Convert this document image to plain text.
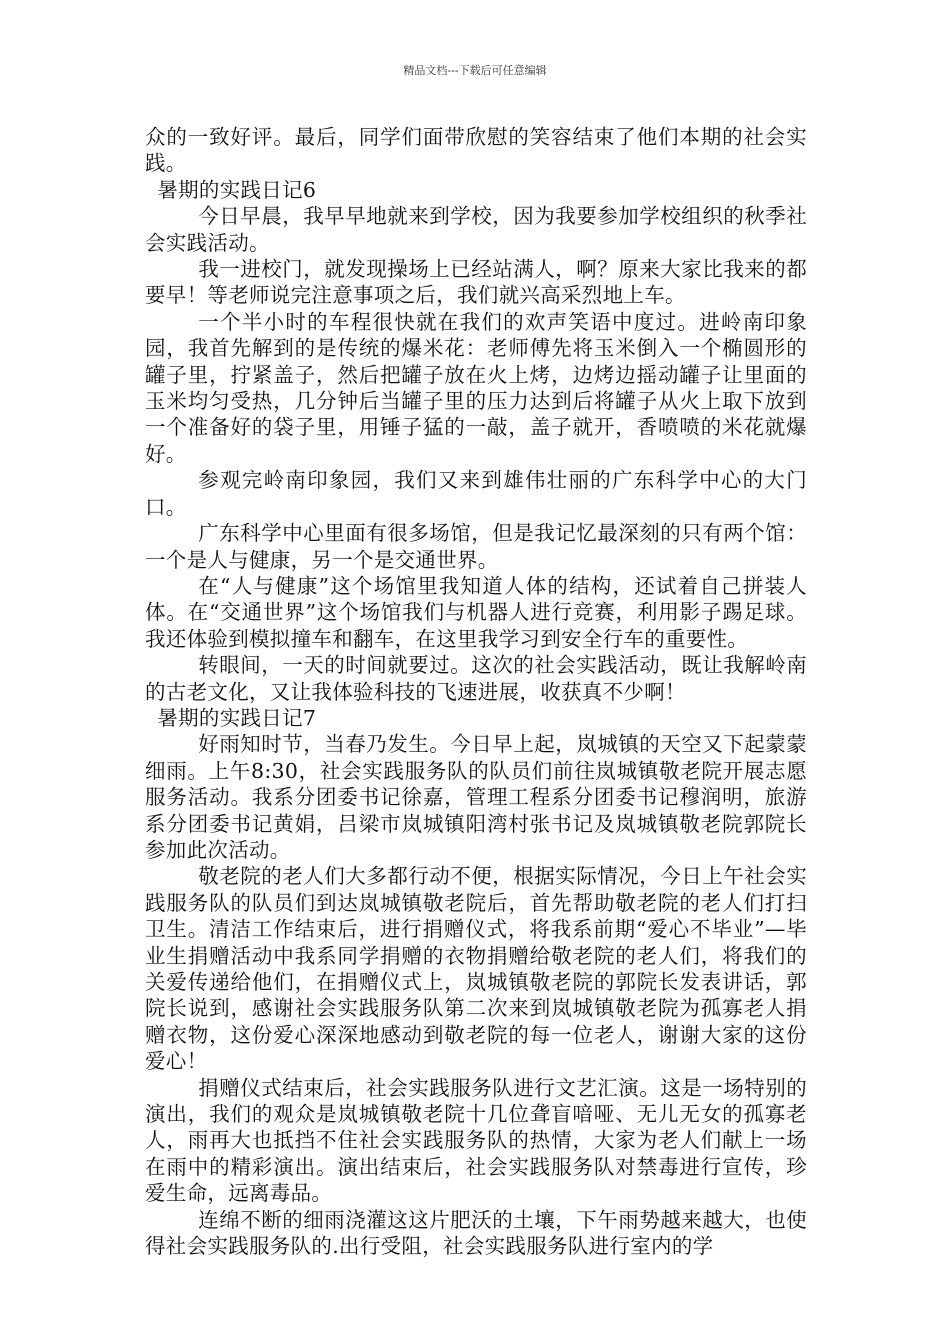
精品文档---下载后可任意编辑

众的一致好评。最后，同学们面带欣慰的笑容结束了他们本期的社会实践。

暑期的实践日记6

今日早晨，我早早地就来到学校，因为我要参加学校组织的秋季社会实践活动。

我一进校门，就发现操场上已经站满人，啊？原来大家比我来的都要早！等老师说完注意事项之后，我们就兴高采烈地上车。

一个半小时的车程很快就在我们的欢声笑语中度过。进岭南印象园，我首先解到的是传统的爆米花：老师傅先将玉米倒入一个椭圆形的罐子里，拧紧盖子，然后把罐子放在火上烤，边烤边摇动罐子让里面的玉米均匀受热，几分钟后当罐子里的压力达到后将罐子从火上取下放到一个准备好的袋子里，用锤子猛的一敲，盖子就开，香喷喷的米花就爆好。

参观完岭南印象园，我们又来到雄伟壮丽的广东科学中心的大门口。

广东科学中心里面有很多场馆，但是我记忆最深刻的只有两个馆：一个是人与健康，另一个是交通世界。

在“人与健康”这个场馆里我知道人体的结构，还试着自己拼装人体。在“交通世界”这个场馆我们与机器人进行竞赛，利用影子踢足球。我还体验到模拟撞车和翻车，在这里我学习到安全行车的重要性。

转眼间，一天的时间就要过。这次的社会实践活动，既让我解岭南的古老文化，又让我体验科技的飞速进展，收获真不少啊！

暑期的实践日记7

好雨知时节，当春乃发生。今日早上起，岚城镇的天空又下起蒙蒙细雨。上午8:30，社会实践服务队的队员们前往岚城镇敬老院开展志愿服务活动。我系分团委书记徐嘉，管理工程系分团委书记穆润明，旅游系分团委书记黄娟，吕梁市岚城镇阳湾村张书记及岚城镇敬老院郭院长参加此次活动。

敬老院的老人们大多都行动不便，根据实际情况，今日上午社会实践服务队的队员们到达岚城镇敬老院后，首先帮助敬老院的老人们打扫卫生。清洁工作结束后，进行捐赠仪式，将我系前期“爱心不毕业”—毕业生捐赠活动中我系同学捐赠的衣物捐赠给敬老院的老人们，将我们的关爱传递给他们，在捐赠仪式上，岚城镇敬老院的郭院长发表讲话，郭院长说到，感谢社会实践服务队第二次来到岚城镇敬老院为孤寡老人捐赠衣物，这份爱心深深地感动到敬老院的每一位老人，谢谢大家的这份爱心！

捐赠仪式结束后，社会实践服务队进行文艺汇演。这是一场特别的演出，我们的观众是岚城镇敬老院十几位聋盲喑哑、无儿无女的孤寡老人，雨再大也抵挡不住社会实践服务队的热情，大家为老人们献上一场在雨中的精彩演出。演出结束后，社会实践服务队对禁毒进行宣传，珍爱生命，远离毒品。

连绵不断的细雨浇灌这这片肥沃的土壤，下午雨势越来越大，也使得社会实践服务队的.出行受阻，社会实践服务队进行室内的学
